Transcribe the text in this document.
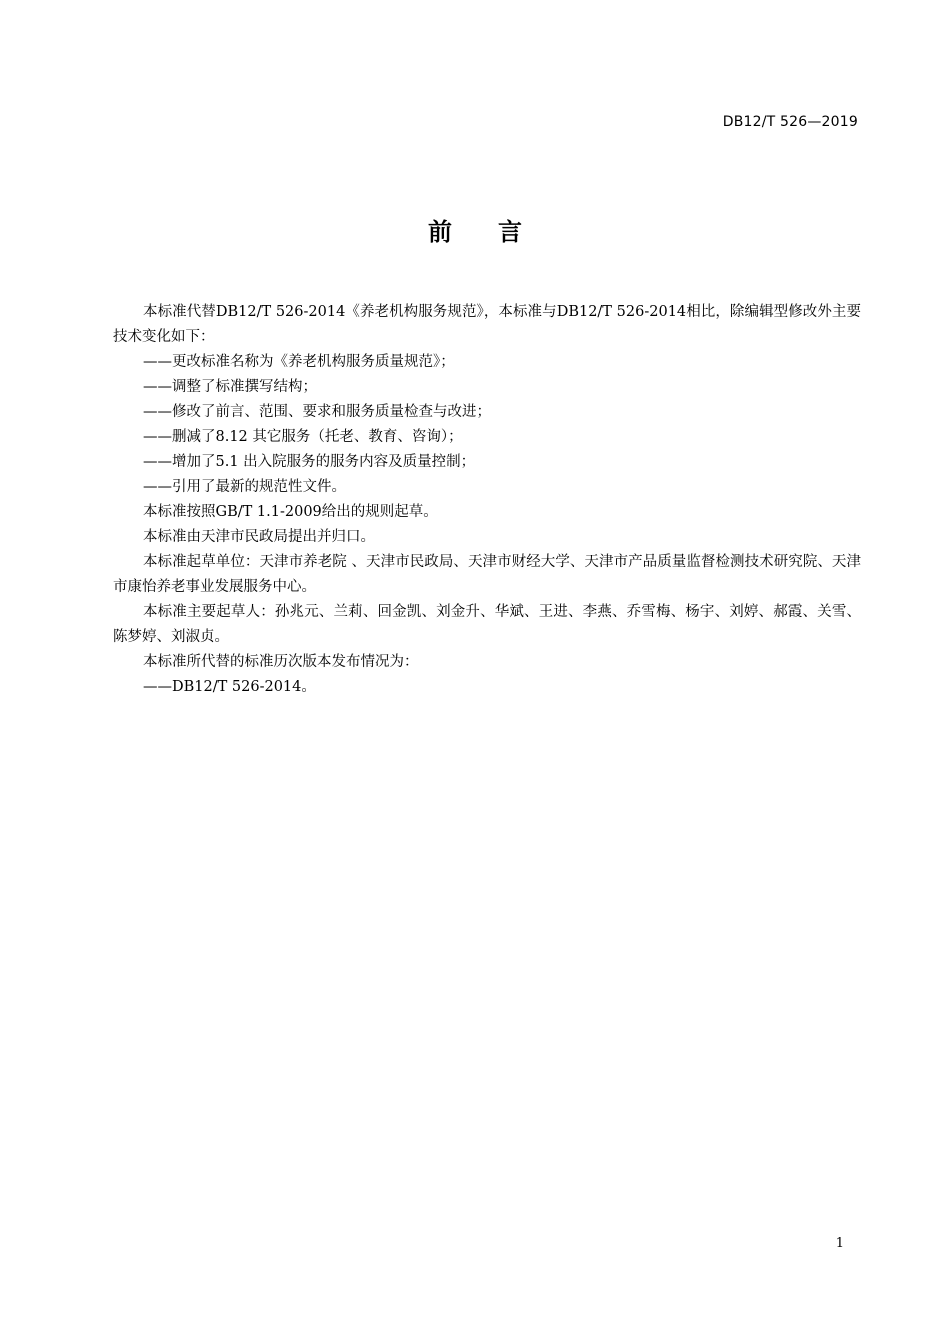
DB12/T 526—2019
前言

本标准代替DB12/T 526-2014《养老机构服务规范》，本标准与DB12/T 526-2014相比，除编辑型修改外主要技术变化如下：

——更改标准名称为《养老机构服务质量规范》；

——调整了标准撰写结构；

——修改了前言、范围、要求和服务质量检查与改进；

——删减了8.12 其它服务（托老、教育、咨询）；

——增加了5.1 出入院服务的服务内容及质量控制；

——引用了最新的规范性文件。

本标准按照GB/T 1.1-2009给出的规则起草。

本标准由天津市民政局提出并归口。

本标准起草单位：天津市养老院 、天津市民政局、天津市财经大学、天津市产品质量监督检测技术研究院、天津市康怡养老事业发展服务中心。

本标准主要起草人：孙兆元、兰莉、回金凯、刘金升、华斌、王进、李燕、乔雪梅、杨宇、刘婷、郝霞、关雪、陈梦婷、刘淑贞。

本标准所代替的标准历次版本发布情况为：

——DB12/T 526-2014。

1
